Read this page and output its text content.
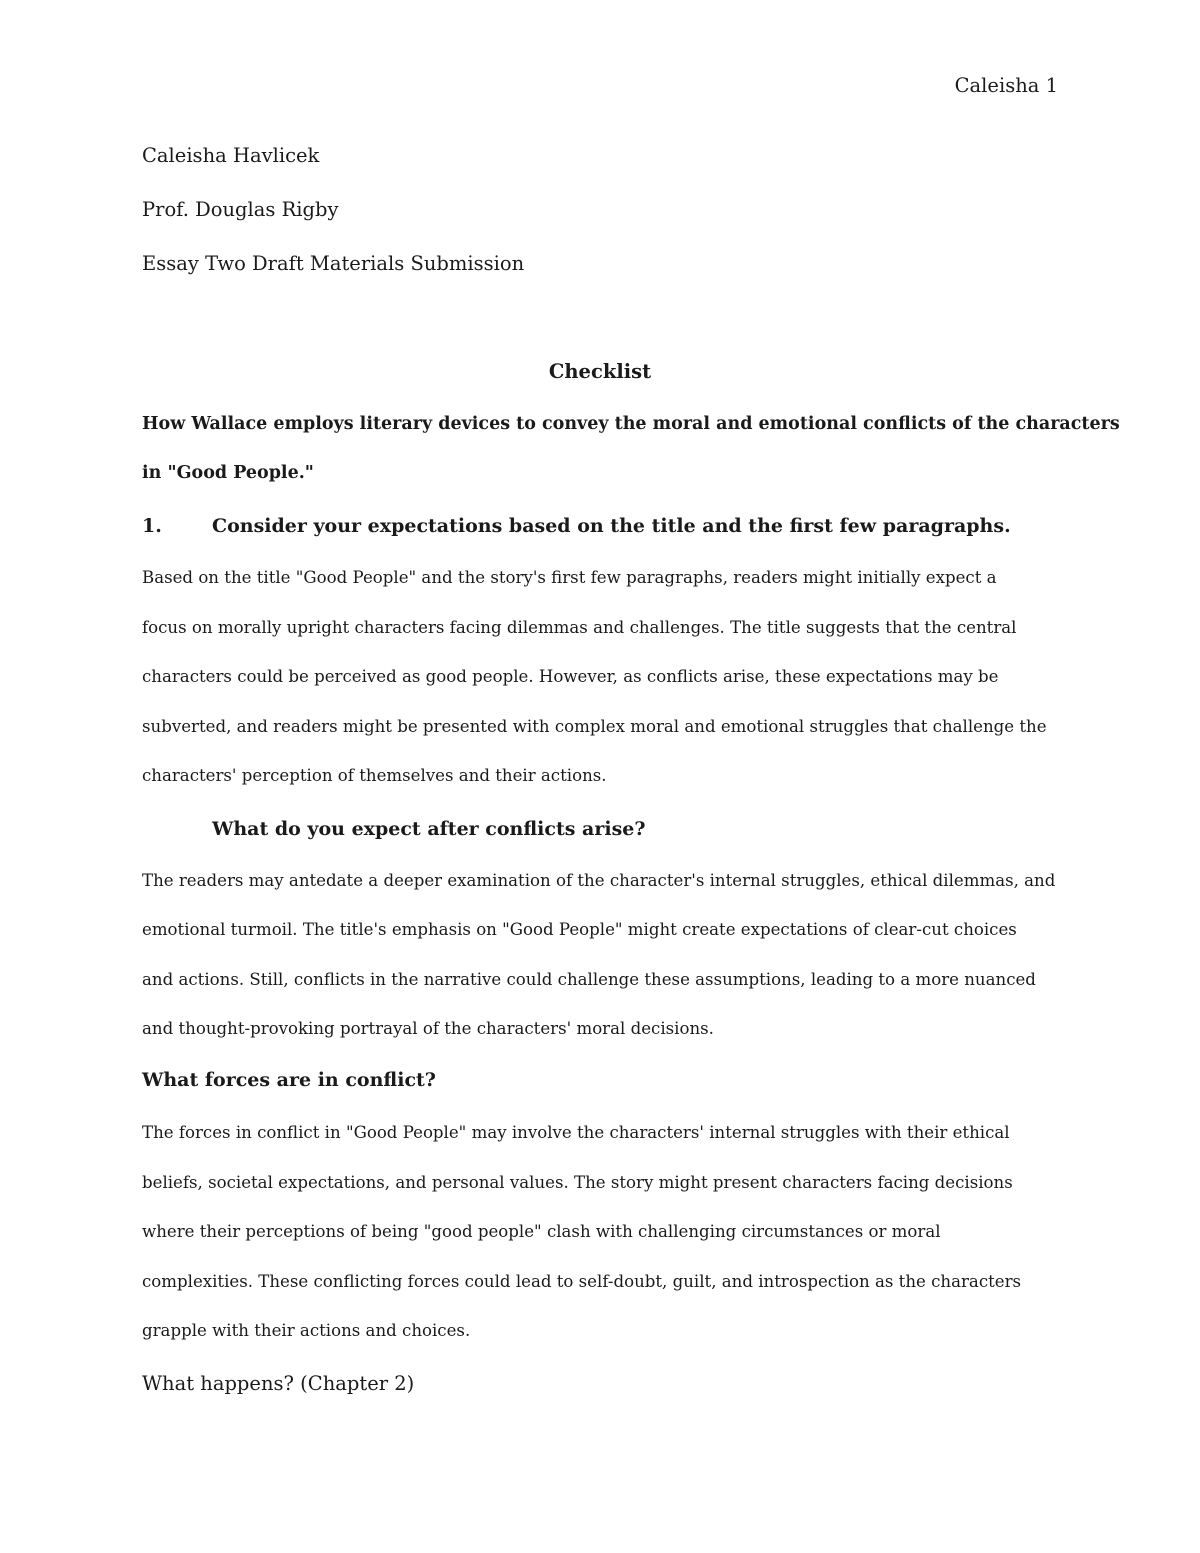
Caleisha 1
Caleisha Havlicek
Prof. Douglas Rigby
Essay Two Draft Materials Submission
Checklist
How Wallace employs literary devices to convey the moral and emotional conflicts of the characters
in "Good People."
1.	Consider your expectations based on the title and the first few paragraphs.
Based on the title "Good People" and the story's first few paragraphs, readers might initially expect a
focus on morally upright characters facing dilemmas and challenges. The title suggests that the central
characters could be perceived as good people. However, as conflicts arise, these expectations may be
subverted, and readers might be presented with complex moral and emotional struggles that challenge the
characters' perception of themselves and their actions.
What do you expect after conflicts arise?
The readers may antedate a deeper examination of the character's internal struggles, ethical dilemmas, and
emotional turmoil. The title's emphasis on "Good People" might create expectations of clear-cut choices
and actions. Still, conflicts in the narrative could challenge these assumptions, leading to a more nuanced
and thought-provoking portrayal of the characters' moral decisions.
What forces are in conflict?
The forces in conflict in "Good People" may involve the characters' internal struggles with their ethical
beliefs, societal expectations, and personal values. The story might present characters facing decisions
where their perceptions of being "good people" clash with challenging circumstances or moral
complexities. These conflicting forces could lead to self-doubt, guilt, and introspection as the characters
grapple with their actions and choices.
What happens? (Chapter 2)
